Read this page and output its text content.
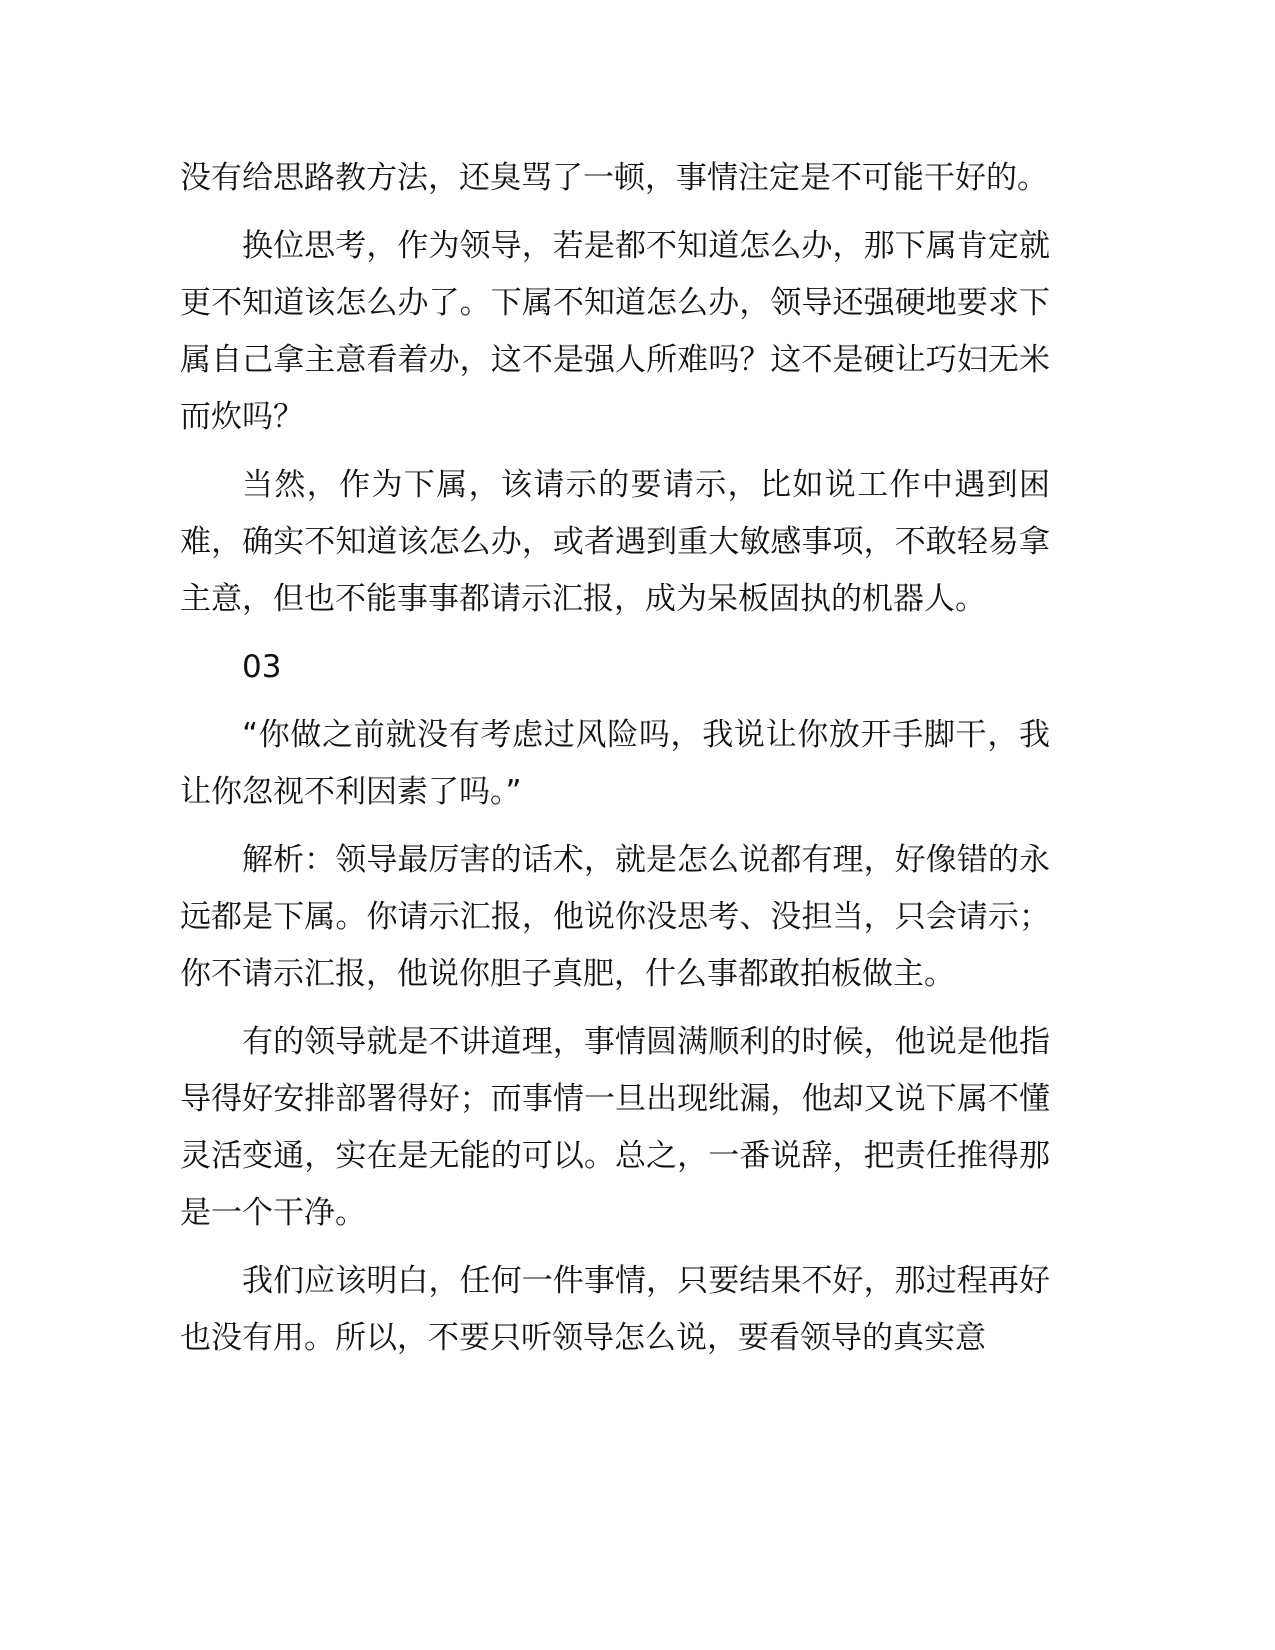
没有给思路教方法，还臭骂了一顿，事情注定是不可能干好的。

换位思考，作为领导，若是都不知道怎么办，那下属肯定就更不知道该怎么办了。下属不知道怎么办，领导还强硬地要求下属自己拿主意看着办，这不是强人所难吗？这不是硬让巧妇无米而炊吗？

当然，作为下属，该请示的要请示，比如说工作中遇到困难，确实不知道该怎么办，或者遇到重大敏感事项，不敢轻易拿主意，但也不能事事都请示汇报，成为呆板固执的机器人。

03

“你做之前就没有考虑过风险吗，我说让你放开手脚干，我让你忽视不利因素了吗。”

解析：领导最厉害的话术，就是怎么说都有理，好像错的永远都是下属。你请示汇报，他说你没思考、没担当，只会请示；你不请示汇报，他说你胆子真肥，什么事都敢拍板做主。

有的领导就是不讲道理，事情圆满顺利的时候，他说是他指导得好安排部署得好；而事情一旦出现纰漏，他却又说下属不懂灵活变通，实在是无能的可以。总之，一番说辞，把责任推得那是一个干净。

我们应该明白，任何一件事情，只要结果不好，那过程再好也没有用。所以，不要只听领导怎么说，要看领导的真实意
